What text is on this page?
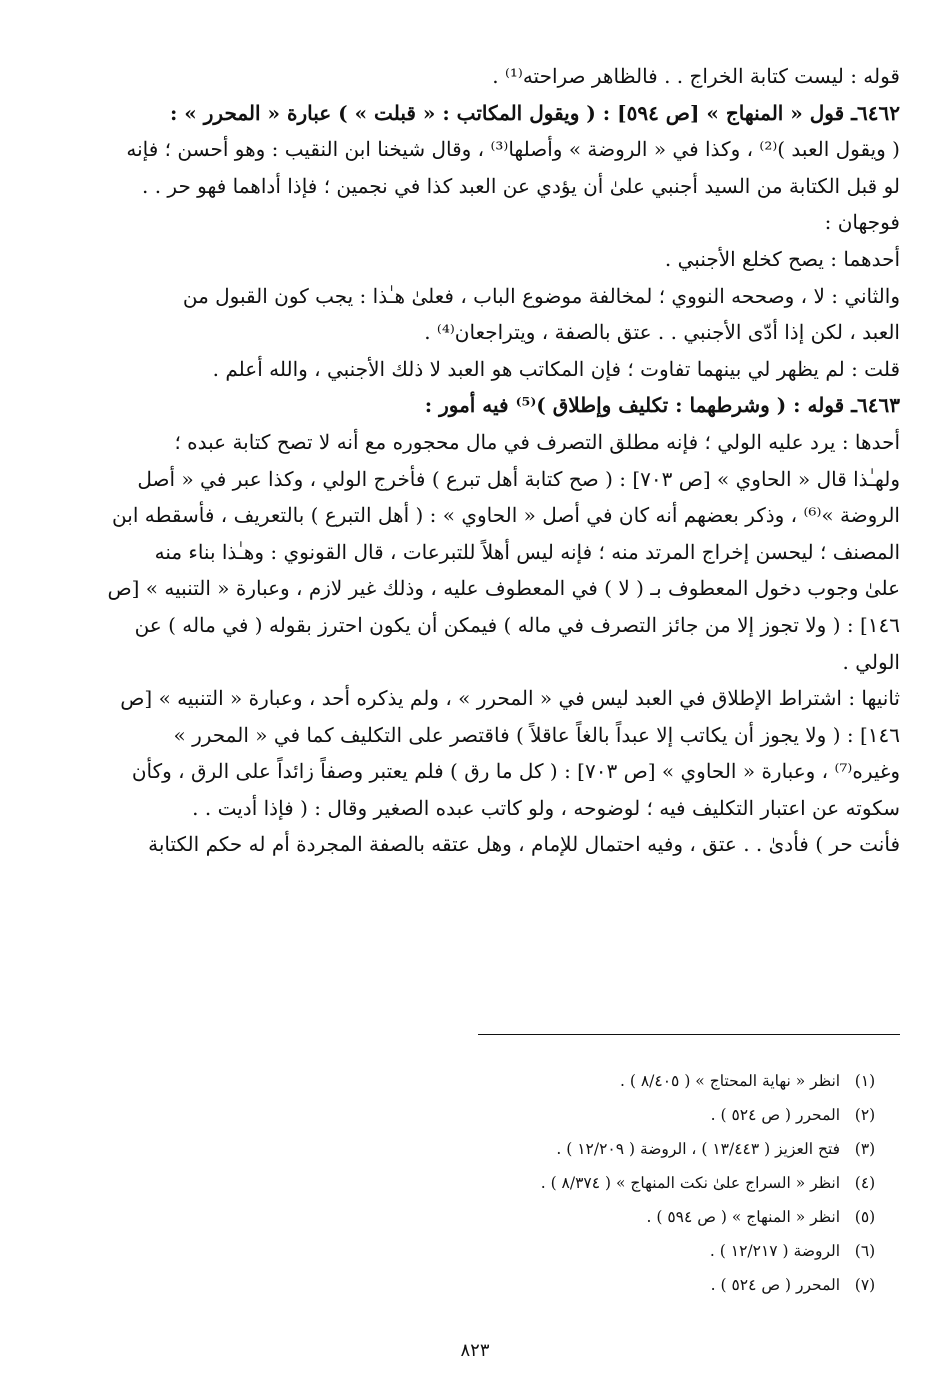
قوله : ليست كتابة الخراج . . فالظاهر صراحته⁽¹⁾ .
٦٤٦٢ـ قول « المنهاج » [ص ٥٩٤] : ( ويقول المكاتب : « قبلت » ) عبارة « المحرر » :
( ويقول العبد )⁽²⁾ ، وكذا في « الروضة » وأصلها⁽³⁾ ، وقال شيخنا ابن النقيب : وهو أحسن ؛ فإنه
لو قبل الكتابة من السيد أجنبي علىٰ أن يؤدي عن العبد كذا في نجمين ؛ فإذا أداهما فهو حر . .
فوجهان :
أحدهما : يصح كخلع الأجنبي .
والثاني : لا ، وصححه النووي ؛ لمخالفة موضوع الباب ، فعلىٰ هـٰذا : يجب كون القبول من
العبد ، لكن إذا أدّى الأجنبي . . عتق بالصفة ، ويتراجعان⁽⁴⁾ .
قلت : لم يظهر لي بينهما تفاوت ؛ فإن المكاتب هو العبد لا ذلك الأجنبي ، والله أعلم .
٦٤٦٣ـ قوله : ( وشرطهما : تكليف وإطلاق )⁽⁵⁾ فيه أمور :
أحدها : يرد عليه الولي ؛ فإنه مطلق التصرف في مال محجوره مع أنه لا تصح كتابة عبده ؛
ولهـٰذا قال « الحاوي » [ص ٧٠٣] : ( صح كتابة أهل تبرع ) فأخرج الولي ، وكذا عبر في « أصل
الروضة »⁽⁶⁾ ، وذكر بعضهم أنه كان في أصل « الحاوي » : ( أهل التبرع ) بالتعريف ، فأسقطه ابن
المصنف ؛ ليحسن إخراج المرتد منه ؛ فإنه ليس أهلاً للتبرعات ، قال القونوي : وهـٰذا بناء منه
علىٰ وجوب دخول المعطوف بـ ( لا ) في المعطوف عليه ، وذلك غير لازم ، وعبارة « التنبيه » [ص
١٤٦] : ( ولا تجوز إلا من جائز التصرف في ماله ) فيمكن أن يكون احترز بقوله ( في ماله ) عن
الولي .
ثانيها : اشتراط الإطلاق في العبد ليس في « المحرر » ، ولم يذكره أحد ، وعبارة « التنبيه » [ص
١٤٦] : ( ولا يجوز أن يكاتب إلا عبداً بالغاً عاقلاً ) فاقتصر على التكليف كما في « المحرر »
وغيره⁽⁷⁾ ، وعبارة « الحاوي » [ص ٧٠٣] : ( كل ما رق ) فلم يعتبر وصفاً زائداً على الرق ، وكأن
سكوته عن اعتبار التكليف فيه ؛ لوضوحه ، ولو كاتب عبده الصغير وقال : ( فإذا أديت . .
فأنت حر ) فأدىٰ . . عتق ، وفيه احتمال للإمام ، وهل عتقه بالصفة المجردة أم له حكم الكتابة
(١) انظر « نهاية المحتاج » ( ٨/٤٠٥ ) .
(٢) المحرر ( ص ٥٢٤ ) .
(٣) فتح العزيز ( ١٣/٤٤٣ ) ، الروضة ( ١٢/٢٠٩ ) .
(٤) انظر « السراج علىٰ نكت المنهاج » ( ٨/٣٧٤ ) .
(٥) انظر « المنهاج » ( ص ٥٩٤ ) .
(٦) الروضة ( ١٢/٢١٧ ) .
(٧) المحرر ( ص ٥٢٤ ) .
٨٢٣
